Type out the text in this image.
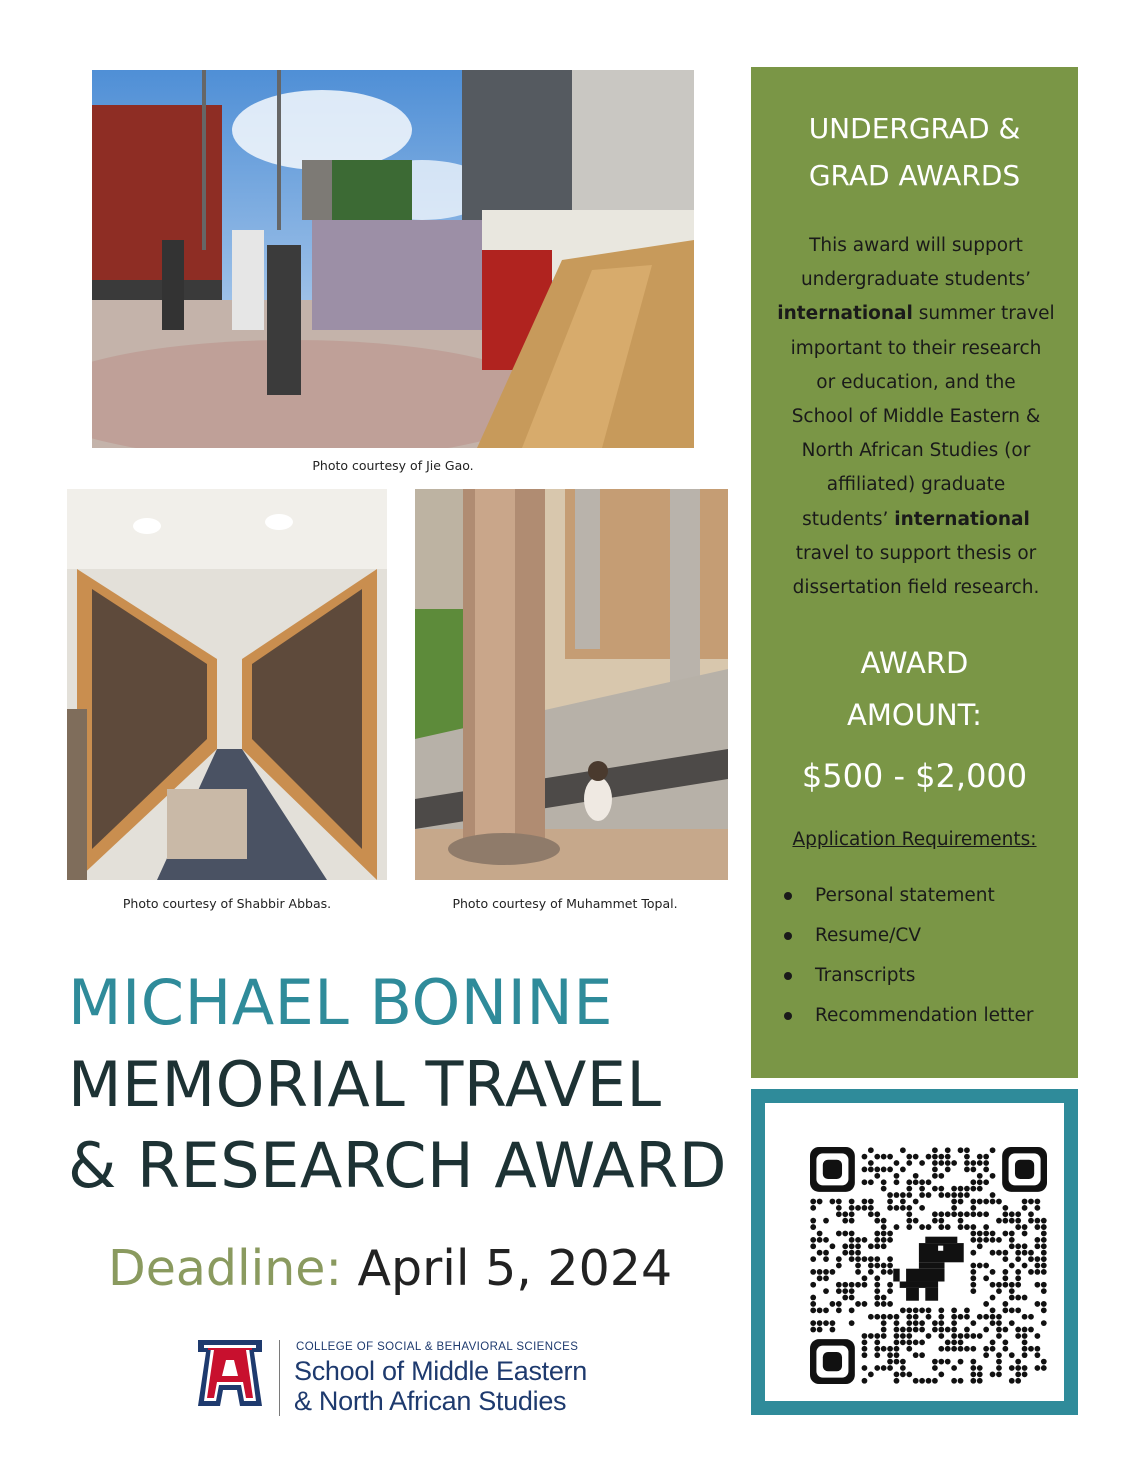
Photo courtesy of Jie Gao.
Photo courtesy of Shabbir Abbas.	Photo courtesy of Muhammet Topal.
MICHAEL BONINE
MEMORIAL TRAVEL
& RESEARCH AWARD
Deadline: April 5, 2024
COLLEGE OF SOCIAL & BEHAVIORAL SCIENCES
School of Middle Eastern
& North African Studies
UNDERGRAD &
GRAD AWARDS
This award will support
undergraduate students’
international summer travel
important to their research
or education, and the
School of Middle Eastern &
North African Studies (or
affiliated) graduate
students’ international
travel to support thesis or
dissertation field research.
AWARD
AMOUNT:
$500 - $2,000
Application Requirements:
Personal statement
Resume/CV
Transcripts
Recommendation letter
